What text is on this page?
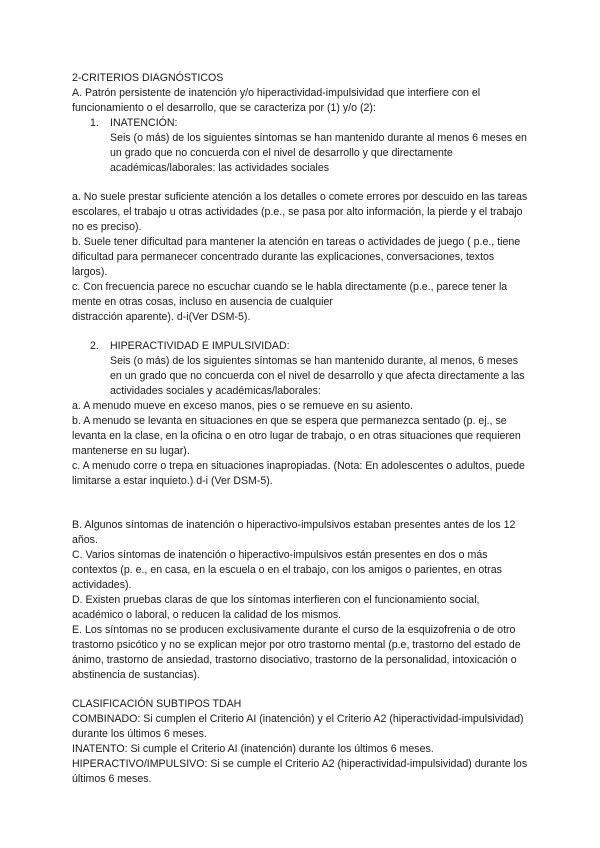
2-CRITERIOS DIAGNÓSTICOS

A. Patrón persistente de inatención y/o hiperactividad-impulsividad que interfiere con el funcionamiento o el desarrollo, que se caracteriza por (1) y/o (2):

1.	INATENCIÓN:

Seis (o más) de los siguientes síntomas se han mantenido durante al menos 6 meses en un grado que no concuerda con el nivel de desarrollo y que directamente académicas/laborales: las actividades sociales

a. No suele prestar suficiente atención a los detalles o comete errores por descuido en las tareas escolares, el trabajo u otras actividades (p.e., se pasa por alto información, la pierde y el trabajo no es preciso).

b. Suele tener dificultad para mantener la atención en tareas o actividades de juego ( p.e., tiene dificultad para permanecer concentrado durante las explicaciones, conversaciones, textos largos).

c. Con frecuencia parece no escuchar cuando se le habla directamente (p.e., parece tener la mente en otras cosas, incluso en ausencia de cualquier

distracción aparente). d-i(Ver DSM-5).

2.	HIPERACTIVIDAD E IMPULSIVIDAD:

Seis (o más) de los siguientes síntomas se han mantenido durante, al menos, 6 meses en un grado que no concuerda con el nivel de desarrollo y que afecta directamente a las actividades sociales y académicas/laborales:

a. A menudo mueve en exceso manos, pies o se remueve en su asiento.

b. A menudo se levanta en situaciones en que se espera que permanezca sentado (p. ej., se levanta en la clase, en la oficina o en otro lugar de trabajo, o en otras situaciones que requieren mantenerse en su lugar).

c. A menudo corre o trepa en situaciones inapropiadas. (Nota: En adolescentes o adultos, puede limitarse a estar inquieto.) d-i (Ver DSM-5).

B. Algunos síntomas de inatención o hiperactivo-impulsivos estaban presentes antes de los 12 años.

C. Varios síntomas de inatención o hiperactivo-impulsivos están presentes en dos o más contextos (p. e., en casa, en la escuela o en el trabajo, con los amigos o parientes, en otras actividades).

D. Existen pruebas claras de que los síntomas interfieren con el funcionamiento social, académico o laboral, o reducen la calidad de los mismos.

E. Los síntomas no se producen exclusivamente durante el curso de la esquizofrenia o de otro trastorno psicótico y no se explican mejor por otro trastorno mental (p.e, trastorno del estado de ánimo, trastorno de ansiedad, trastorno disociativo, trastorno de la personalidad, intoxicación o abstinencia de sustancias).

CLASIFICACIÓN SUBTIPOS TDAH

COMBINADO: Si cumplen el Criterio AI (inatención) y el Criterio A2 (hiperactividad-impulsividad) durante los últimos 6 meses.

INATENTO: Si cumple el Criterio AI (inatención) durante los últimos 6 meses.

HIPERACTIVO/IMPULSIVO: Si se cumple el Criterio A2 (hiperactividad-impulsividad) durante los últimos 6 meses.
